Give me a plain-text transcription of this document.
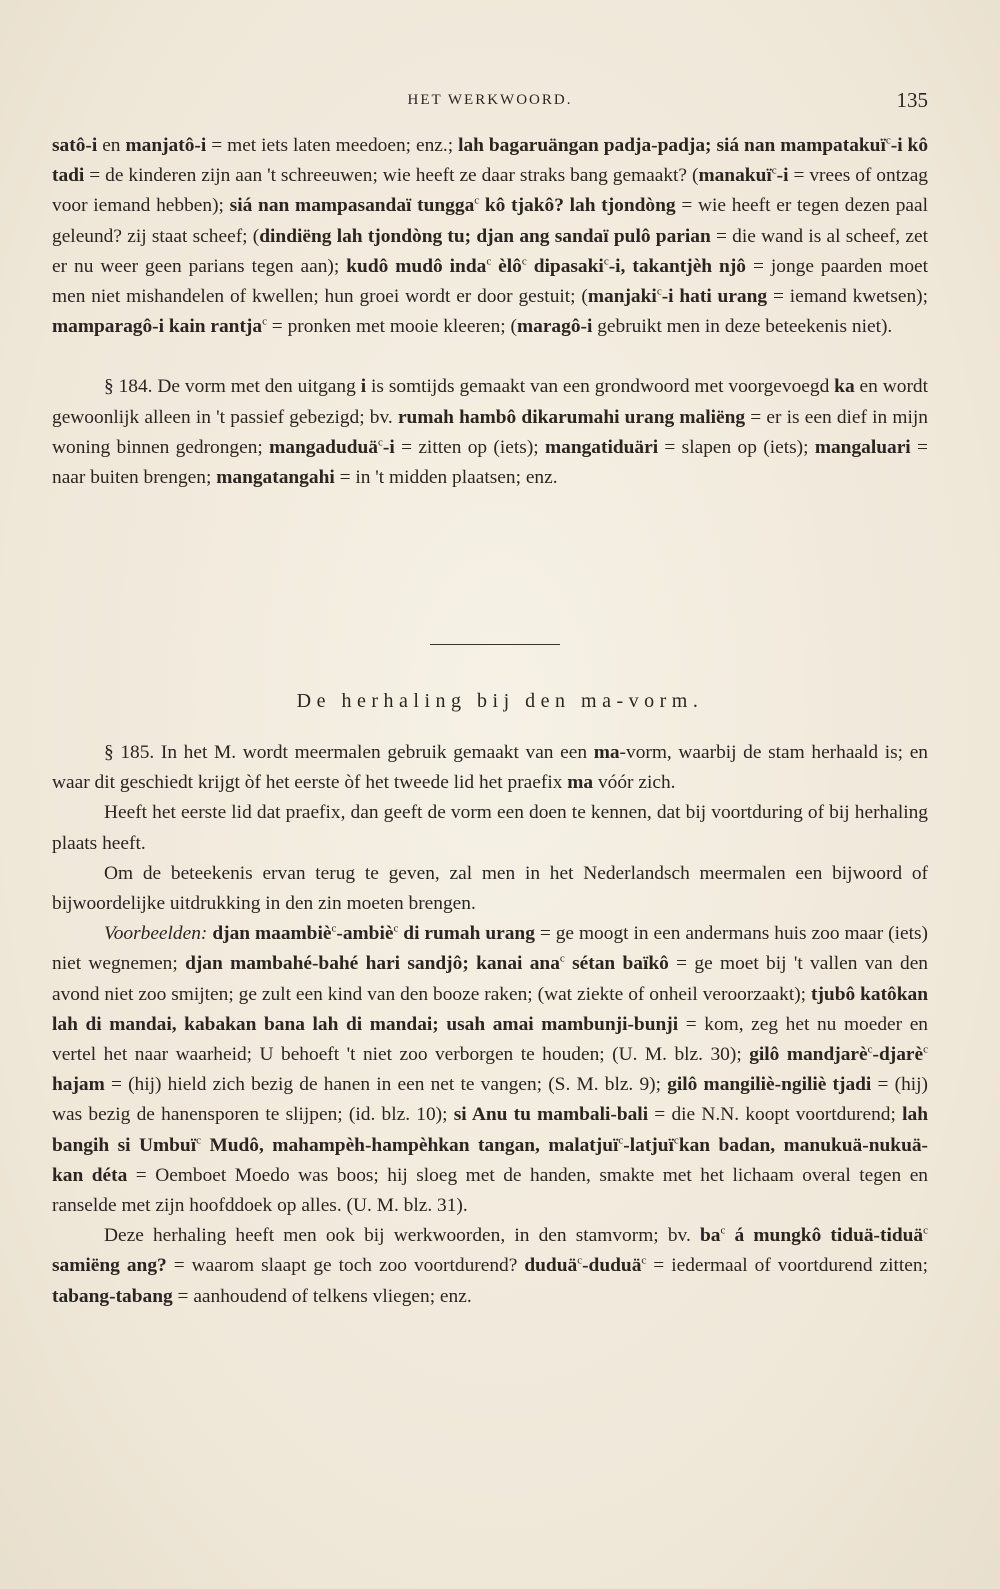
HET WERKWOORD.	135

satô-i en manjatô-i = met iets laten meedoen; enz.; lah bagaruängan padja-padja; siá nan mampatakuï$^c$-i kô tadi = de kinderen zijn aan 't schreeuwen; wie heeft ze daar straks bang gemaakt? (manakuï$^c$-i = vrees of ontzag voor iemand hebben); siá nan mampasandaï tungga$^c$ kô tjakô? lah tjondòng = wie heeft er tegen dezen paal geleund? zij staat scheef; (dindiëng lah tjondòng tu; djan ang sandaï pulô parian = die wand is al scheef, zet er nu weer geen parians tegen aan); kudô mudô inda$^c$ èlô$^c$ dipasaki$^c$-i, takantjèh njô = jonge paarden moet men niet mishandelen of kwellen; hun groei wordt er door gestuit; (manjaki$^c$-i hati urang = iemand kwetsen); mamparagô-i kain rantja$^c$ = pronken met mooie kleeren; (maragô-i gebruikt men in deze beteekenis niet).

§ 184. De vorm met den uitgang i is somtijds gemaakt van een grondwoord met voorgevoegd ka en wordt gewoonlijk alleen in 't passief gebezigd; bv. rumah hambô dikarumahi urang maliëng = er is een dief in mijn woning binnen gedrongen; mangaduduä$^c$-i = zitten op (iets); mangatiduäri = slapen op (iets); mangaluari = naar buiten brengen; mangatangahi = in 't midden plaatsen; enz.

De herhaling bij den ma-vorm.

§ 185. In het M. wordt meermalen gebruik gemaakt van een ma-vorm, waarbij de stam herhaald is; en waar dit geschiedt krijgt òf het eerste òf het tweede lid het praefix ma vóór zich.

Heeft het eerste lid dat praefix, dan geeft de vorm een doen te kennen, dat bij voortduring of bij herhaling plaats heeft.

Om de beteekenis ervan terug te geven, zal men in het Nederlandsch meermalen een bijwoord of bijwoordelijke uitdrukking in den zin moeten brengen.

Voorbeelden: djan maambiè$^c$-ambiè$^c$ di rumah urang = ge moogt in een andermans huis zoo maar (iets) niet wegnemen; djan mambahé-bahé hari sandjô; kanai ana$^c$ sétan baïkô = ge moet bij 't vallen van den avond niet zoo smijten; ge zult een kind van den booze raken; (wat ziekte of onheil veroorzaakt); tjubô katôkan lah di mandai, kabakan bana lah di mandai; usah amai mambunji-bunji = kom, zeg het nu moeder en vertel het naar waarheid; U behoeft 't niet zoo verborgen te houden; (U. M. blz. 30); gilô mandjarè$^c$-djarè$^c$ hajam = (hij) hield zich bezig de hanen in een net te vangen; (S. M. blz. 9); gilô mangiliè-ngiliè tjadi = (hij) was bezig de hanensporen te slijpen; (id. blz. 10); si Anu tu mambali-bali = die N.N. koopt voortdurend; lah bangih si Umbuï$^c$ Mudô, mahampèh-hampèhkan tangan, malatjuï$^c$-latjuï$^c$kan badan, manukuä-nukuä-kan déta = Oemboet Moedo was boos; hij sloeg met de handen, smakte met het lichaam overal tegen en ranselde met zijn hoofddoek op alles. (U. M. blz. 31).

Deze herhaling heeft men ook bij werkwoorden, in den stamvorm; bv. $ba^c$ á mungkô tiduä-tiduä$^c$ samiëng ang? = waarom slaapt ge toch zoo voortdurend? duduä$^c$-duduä$^c$ = iedermaal of voortdurend zitten; tabang-tabang = aanhoudend of telkens vliegen; enz.
